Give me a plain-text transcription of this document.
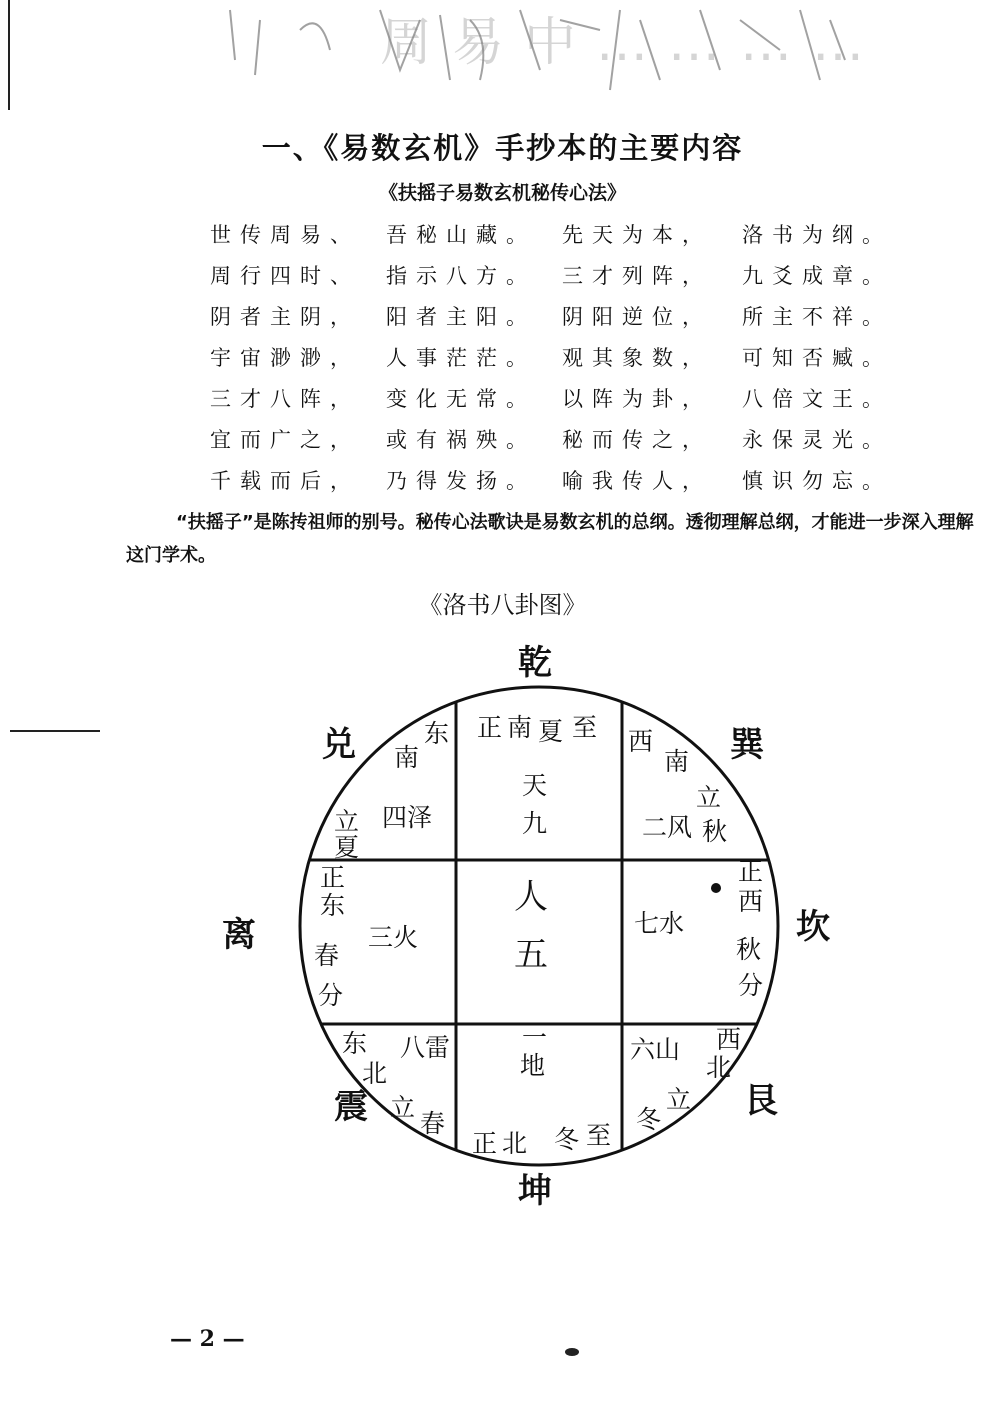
周易中…………
一、《易数玄机》手抄本的主要内容
《扶摇子易数玄机秘传心法》
世传周易、 吾秘山藏。 先天为本， 洛书为纲。
周行四时、 指示八方。 三才列阵， 九爻成章。
阴者主阴， 阳者主阳。 阴阳逆位， 所主不祥。
宇宙渺渺， 人事茫茫。 观其象数， 可知否臧。
三才八阵， 变化无常。 以阵为卦， 八倍文王。
宜而广之， 或有祸殃。 秘而传之， 永保灵光。
千载而后， 乃得发扬。 喻我传人， 慎识勿忘。
“扶摇子”是陈抟祖师的别号。秘传心法歌诀是易数玄机的总纲。透彻理解总纲，才能进一步深入理解这门学术。
《洛书八卦图》
乾
兑	巽
离	坎
震	艮
坤
东
南
四泽
立
夏
正 南 夏 至
天
九
西
南
二风
立
秋
正
东
三火
春
分
人
五
正
西
七水
秋
分
东
北
八雷
立
春
一
地
正 北 冬 至
西
北
六山
立
冬
— 2 —
